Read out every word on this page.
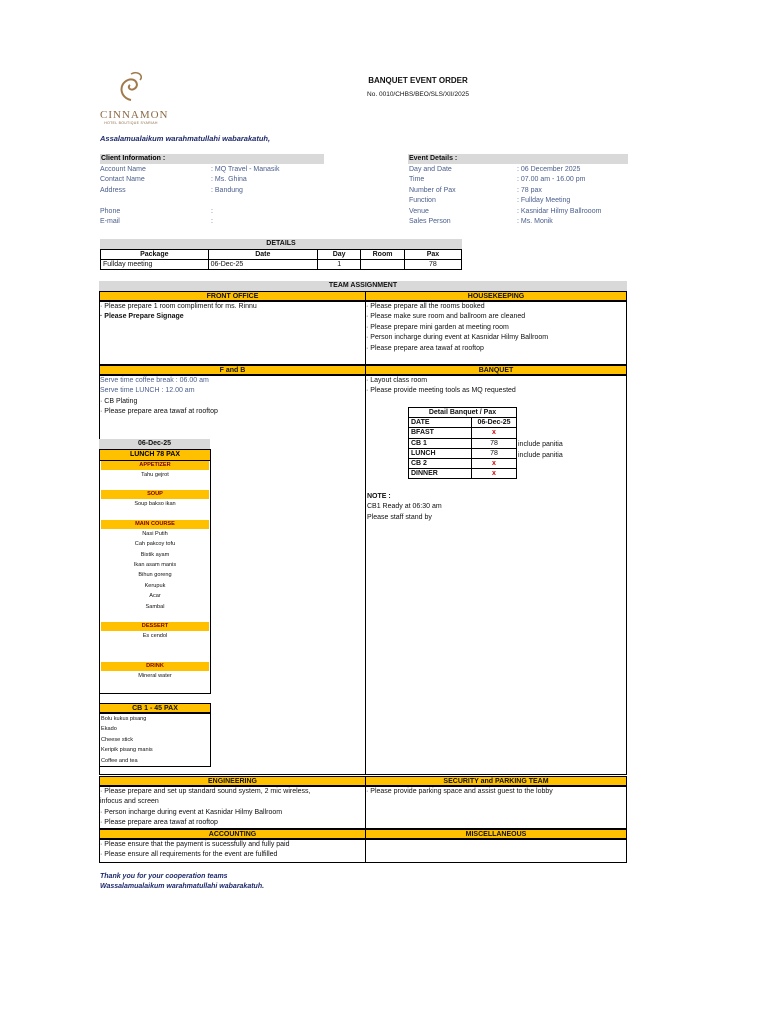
CINNAMON
HOTEL BOUTIQUE SYARIAH
BANQUET EVENT ORDER
No. 0010/CHBS/BEO/SLS/XII/2025
Assalamualaikum warahmatullahi wabarakatuh,
Client Information :
Account Name	: MQ Travel - Manasik
Contact Name	: Ms. Ghina
Address	: Bandung
Phone	:
E-mail	:
Event Details :
Day and Date	: 06 December 2025
Time	: 07.00 am - 16.00 pm
Number of Pax	: 78 pax
Function	: Fullday Meeting
Venue	: Kasnidar Hilmy Ballrooom
Sales Person	: Ms. Monik
DETAILS
Package	Date	Day	Room	Pax
Fullday meeting	06-Dec-25	1		78
TEAM ASSIGNMENT
FRONT OFFICE	HOUSEKEEPING
· Please prepare 1 room compliment for ms. Rinnu
· Please Prepare Signage
· Please prepare all the rooms booked
· Please make sure room and ballroom are cleaned
· Please prepare mini garden at meeting room
· Person incharge during event at Kasnidar Hilmy Ballroom
· Please prepare area tawaf at rooftop
F and B	BANQUET
Serve time coffee break : 06.00 am
Serve time LUNCH : 12.00 am
· CB Plating
· Please prepare area tawaf at rooftop
06-Dec-25
LUNCH 78 PAX
APPETIZER
Tahu gejrot
SOUP
Soup bakso ikan
MAIN COURSE
Nasi Putih
Cah pakcoy tofu
Bistik ayam
Ikan asam manis
Bihun goreng
Kerupuk
Acar
Sambal
DESSERT
Es cendol
DRINK
Mineral water
CB 1 - 45 PAX
Bolu kukus pisang
Ekado
Cheese stick
Keripik pisang manis
Coffee and tea
· Layout class room
· Please provide meeting tools as MQ requested
Detail Banquet / Pax	
DATE	06-Dec-25
BFAST	x
CB 1	78
LUNCH	78
CB 2	x
DINNER	x
include panitia
include panitia
NOTE :
CB1 Ready at 06:30 am
Please staff stand by
ENGINEERING	SECURITY and PARKING TEAM
· Please prepare and set up standard sound system, 2 mic wireless,
infocus and screen
· Person incharge during event at Kasnidar Hilmy Ballroom
· Please prepare area tawaf at rooftop
· Please provide parking space and assist guest to the lobby
ACCOUNTING	MISCELLANEOUS
· Please ensure that the payment is sucessfully and fully paid
· Please ensure all requirements for the event are fulfilled
Thank you for your cooperation teams
Wassalamualaikum warahmatullahi wabarakatuh.
